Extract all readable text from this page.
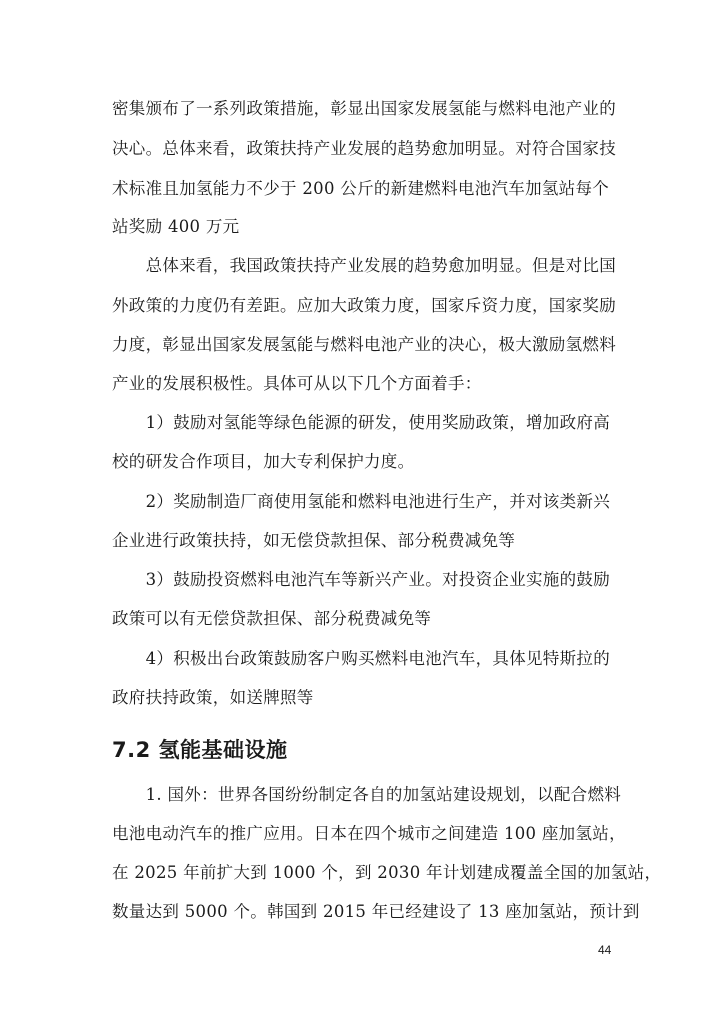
密集颁布了一系列政策措施，彰显出国家发展氢能与燃料电池产业的
决心。总体来看，政策扶持产业发展的趋势愈加明显。对符合国家技
术标准且加氢能力不少于 200 公斤的新建燃料电池汽车加氢站每个
站奖励 400 万元
　　总体来看，我国政策扶持产业发展的趋势愈加明显。但是对比国
外政策的力度仍有差距。应加大政策力度，国家斥资力度，国家奖励
力度，彰显出国家发展氢能与燃料电池产业的决心，极大激励氢燃料
产业的发展积极性。具体可从以下几个方面着手：
　　1）鼓励对氢能等绿色能源的研发，使用奖励政策，增加政府高
校的研发合作项目，加大专利保护力度。
　　2）奖励制造厂商使用氢能和燃料电池进行生产，并对该类新兴
企业进行政策扶持，如无偿贷款担保、部分税费减免等
　　3）鼓励投资燃料电池汽车等新兴产业。对投资企业实施的鼓励
政策可以有无偿贷款担保、部分税费减免等
　　4）积极出台政策鼓励客户购买燃料电池汽车，具体见特斯拉的
政府扶持政策，如送牌照等
7.2 氢能基础设施
　　1. 国外：世界各国纷纷制定各自的加氢站建设规划，以配合燃料
电池电动汽车的推广应用。日本在四个城市之间建造 100 座加氢站，
在 2025 年前扩大到 1000 个，到 2030 年计划建成覆盖全国的加氢站，
数量达到 5000 个。韩国到 2015 年已经建设了 13 座加氢站，预计到
44
